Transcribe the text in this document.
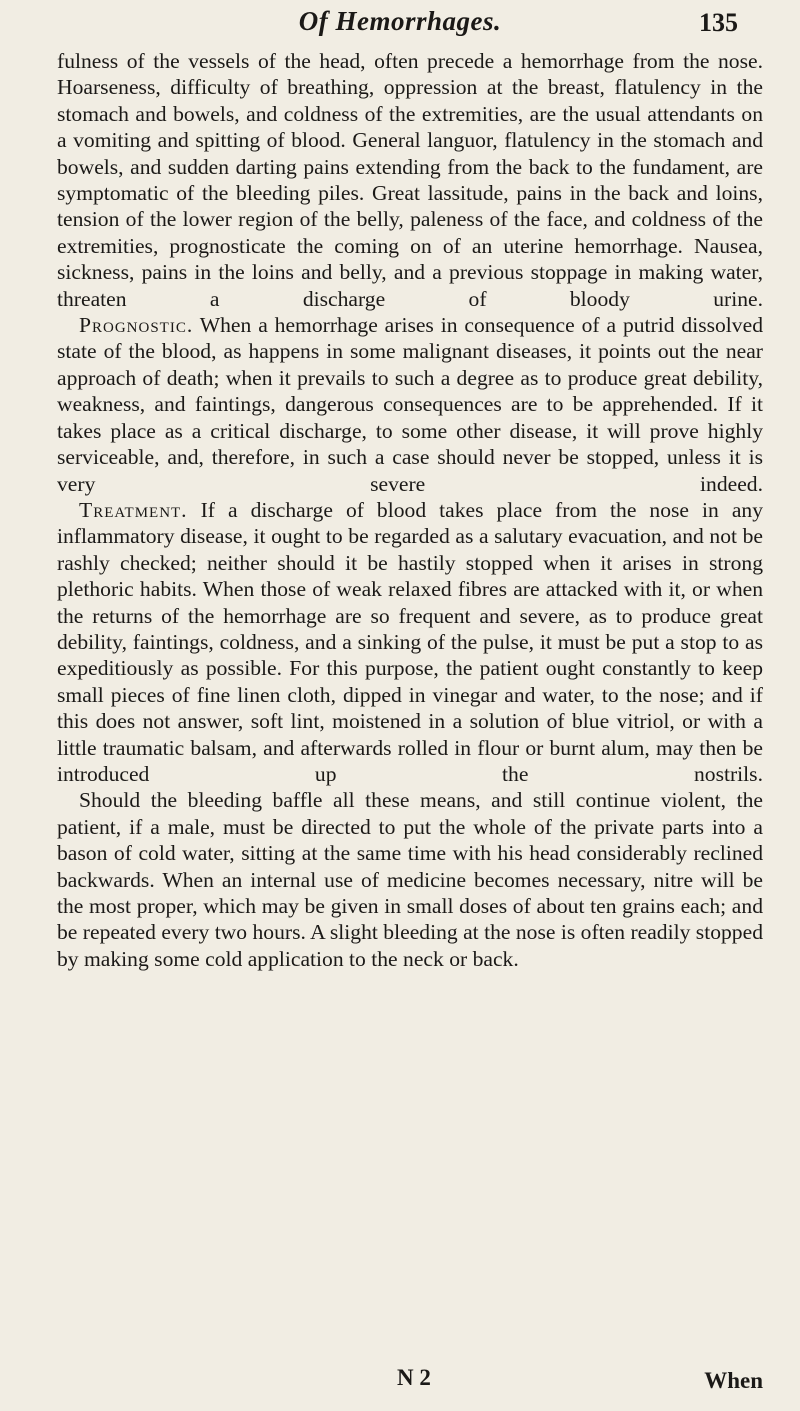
Of Hemorrhages.	135

fulness of the vessels of the head, often precede a hemorrhage from the nose. Hoarseness, difficulty of breathing, oppression at the breast, flatulency in the stomach and bowels, and coldness of the extremities, are the usual attendants on a vomiting and spitting of blood. General languor, flatulency in the stomach and bowels, and sudden darting pains extending from the back to the fundament, are symptomatic of the bleeding piles. Great lassitude, pains in the back and loins, tension of the lower region of the belly, paleness of the face, and coldness of the extremities, prognosticate the coming on of an uterine hemorrhage. Nausea, sickness, pains in the loins and belly, and a previous stoppage in making water, threaten a discharge of bloody urine.

Prognostic. When a hemorrhage arises in consequence of a putrid dissolved state of the blood, as happens in some malignant diseases, it points out the near approach of death; when it prevails to such a degree as to produce great debility, weakness, and faintings, dangerous consequences are to be apprehended. If it takes place as a critical discharge, to some other disease, it will prove highly serviceable, and, therefore, in such a case should never be stopped, unless it is very severe indeed.

Treatment. If a discharge of blood takes place from the nose in any inflammatory disease, it ought to be regarded as a salutary evacuation, and not be rashly checked; neither should it be hastily stopped when it arises in strong plethoric habits. When those of weak relaxed fibres are attacked with it, or when the returns of the hemorrhage are so frequent and severe, as to produce great debility, faintings, coldness, and a sinking of the pulse, it must be put a stop to as expeditiously as possible. For this purpose, the patient ought constantly to keep small pieces of fine linen cloth, dipped in vinegar and water, to the nose; and if this does not answer, soft lint, moistened in a solution of blue vitriol, or with a little traumatic balsam, and afterwards rolled in flour or burnt alum, may then be introduced up the nostrils.

Should the bleeding baffle all these means, and still continue violent, the patient, if a male, must be directed to put the whole of the private parts into a bason of cold water, sitting at the same time with his head considerably reclined backwards. When an internal use of medicine becomes necessary, nitre will be the most proper, which may be given in small doses of about ten grains each; and be repeated every two hours. A slight bleeding at the nose is often readily stopped by making some cold application to the neck or back.

N 2	When
